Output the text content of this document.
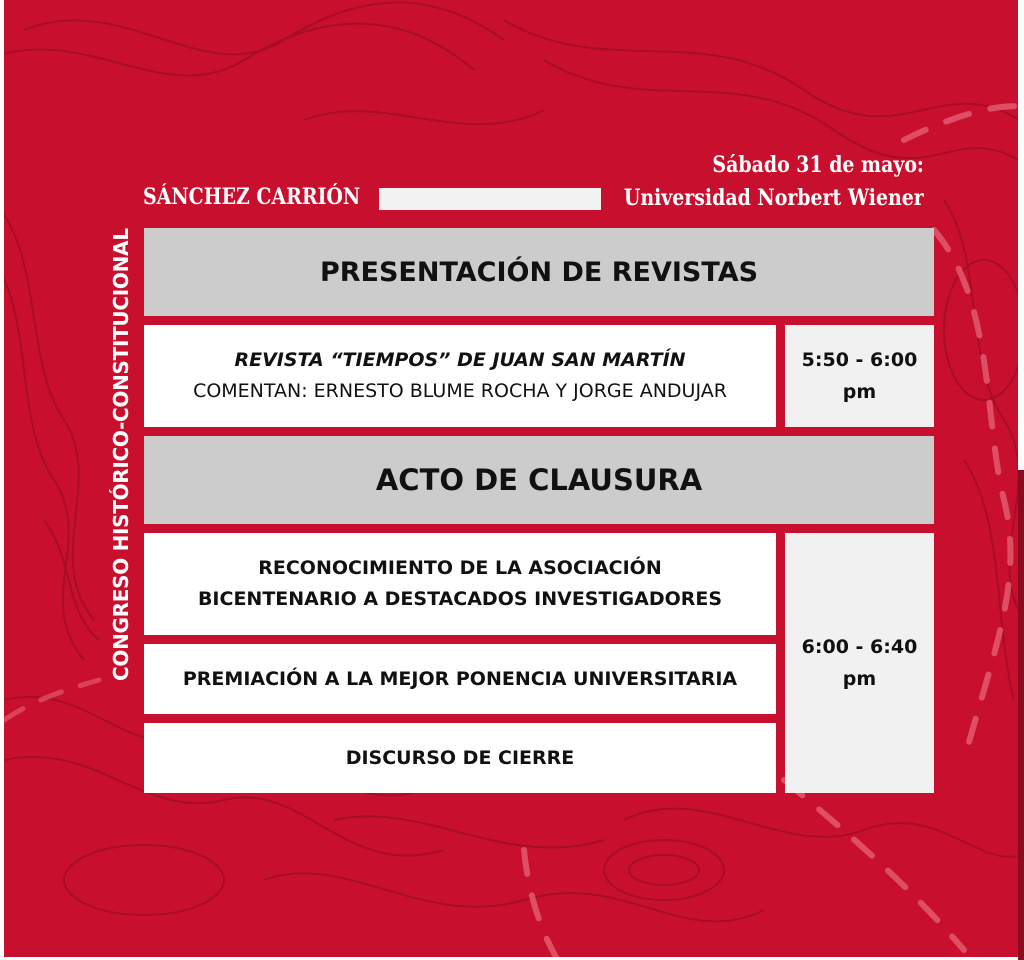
SÁNCHEZ CARRIÓN
Sábado 31 de mayo:
Universidad Norbert Wiener
CONGRESO HISTÓRICO-CONSTITUCIONAL	PRESENTACIÓN DE REVISTAS
REVISTA “TIEMPOS” DE JUAN SAN MARTÍN
COMENTAN: ERNESTO BLUME ROCHA Y JORGE ANDUJAR
5:50 - 6:00
pm
ACTO DE CLAUSURA
RECONOCIMIENTO DE LA ASOCIACIÓN
BICENTENARIO A DESTACADOS INVESTIGADORES
PREMIACIÓN A LA MEJOR PONENCIA UNIVERSITARIA
DISCURSO DE CIERRE
6:00 - 6:40
pm
